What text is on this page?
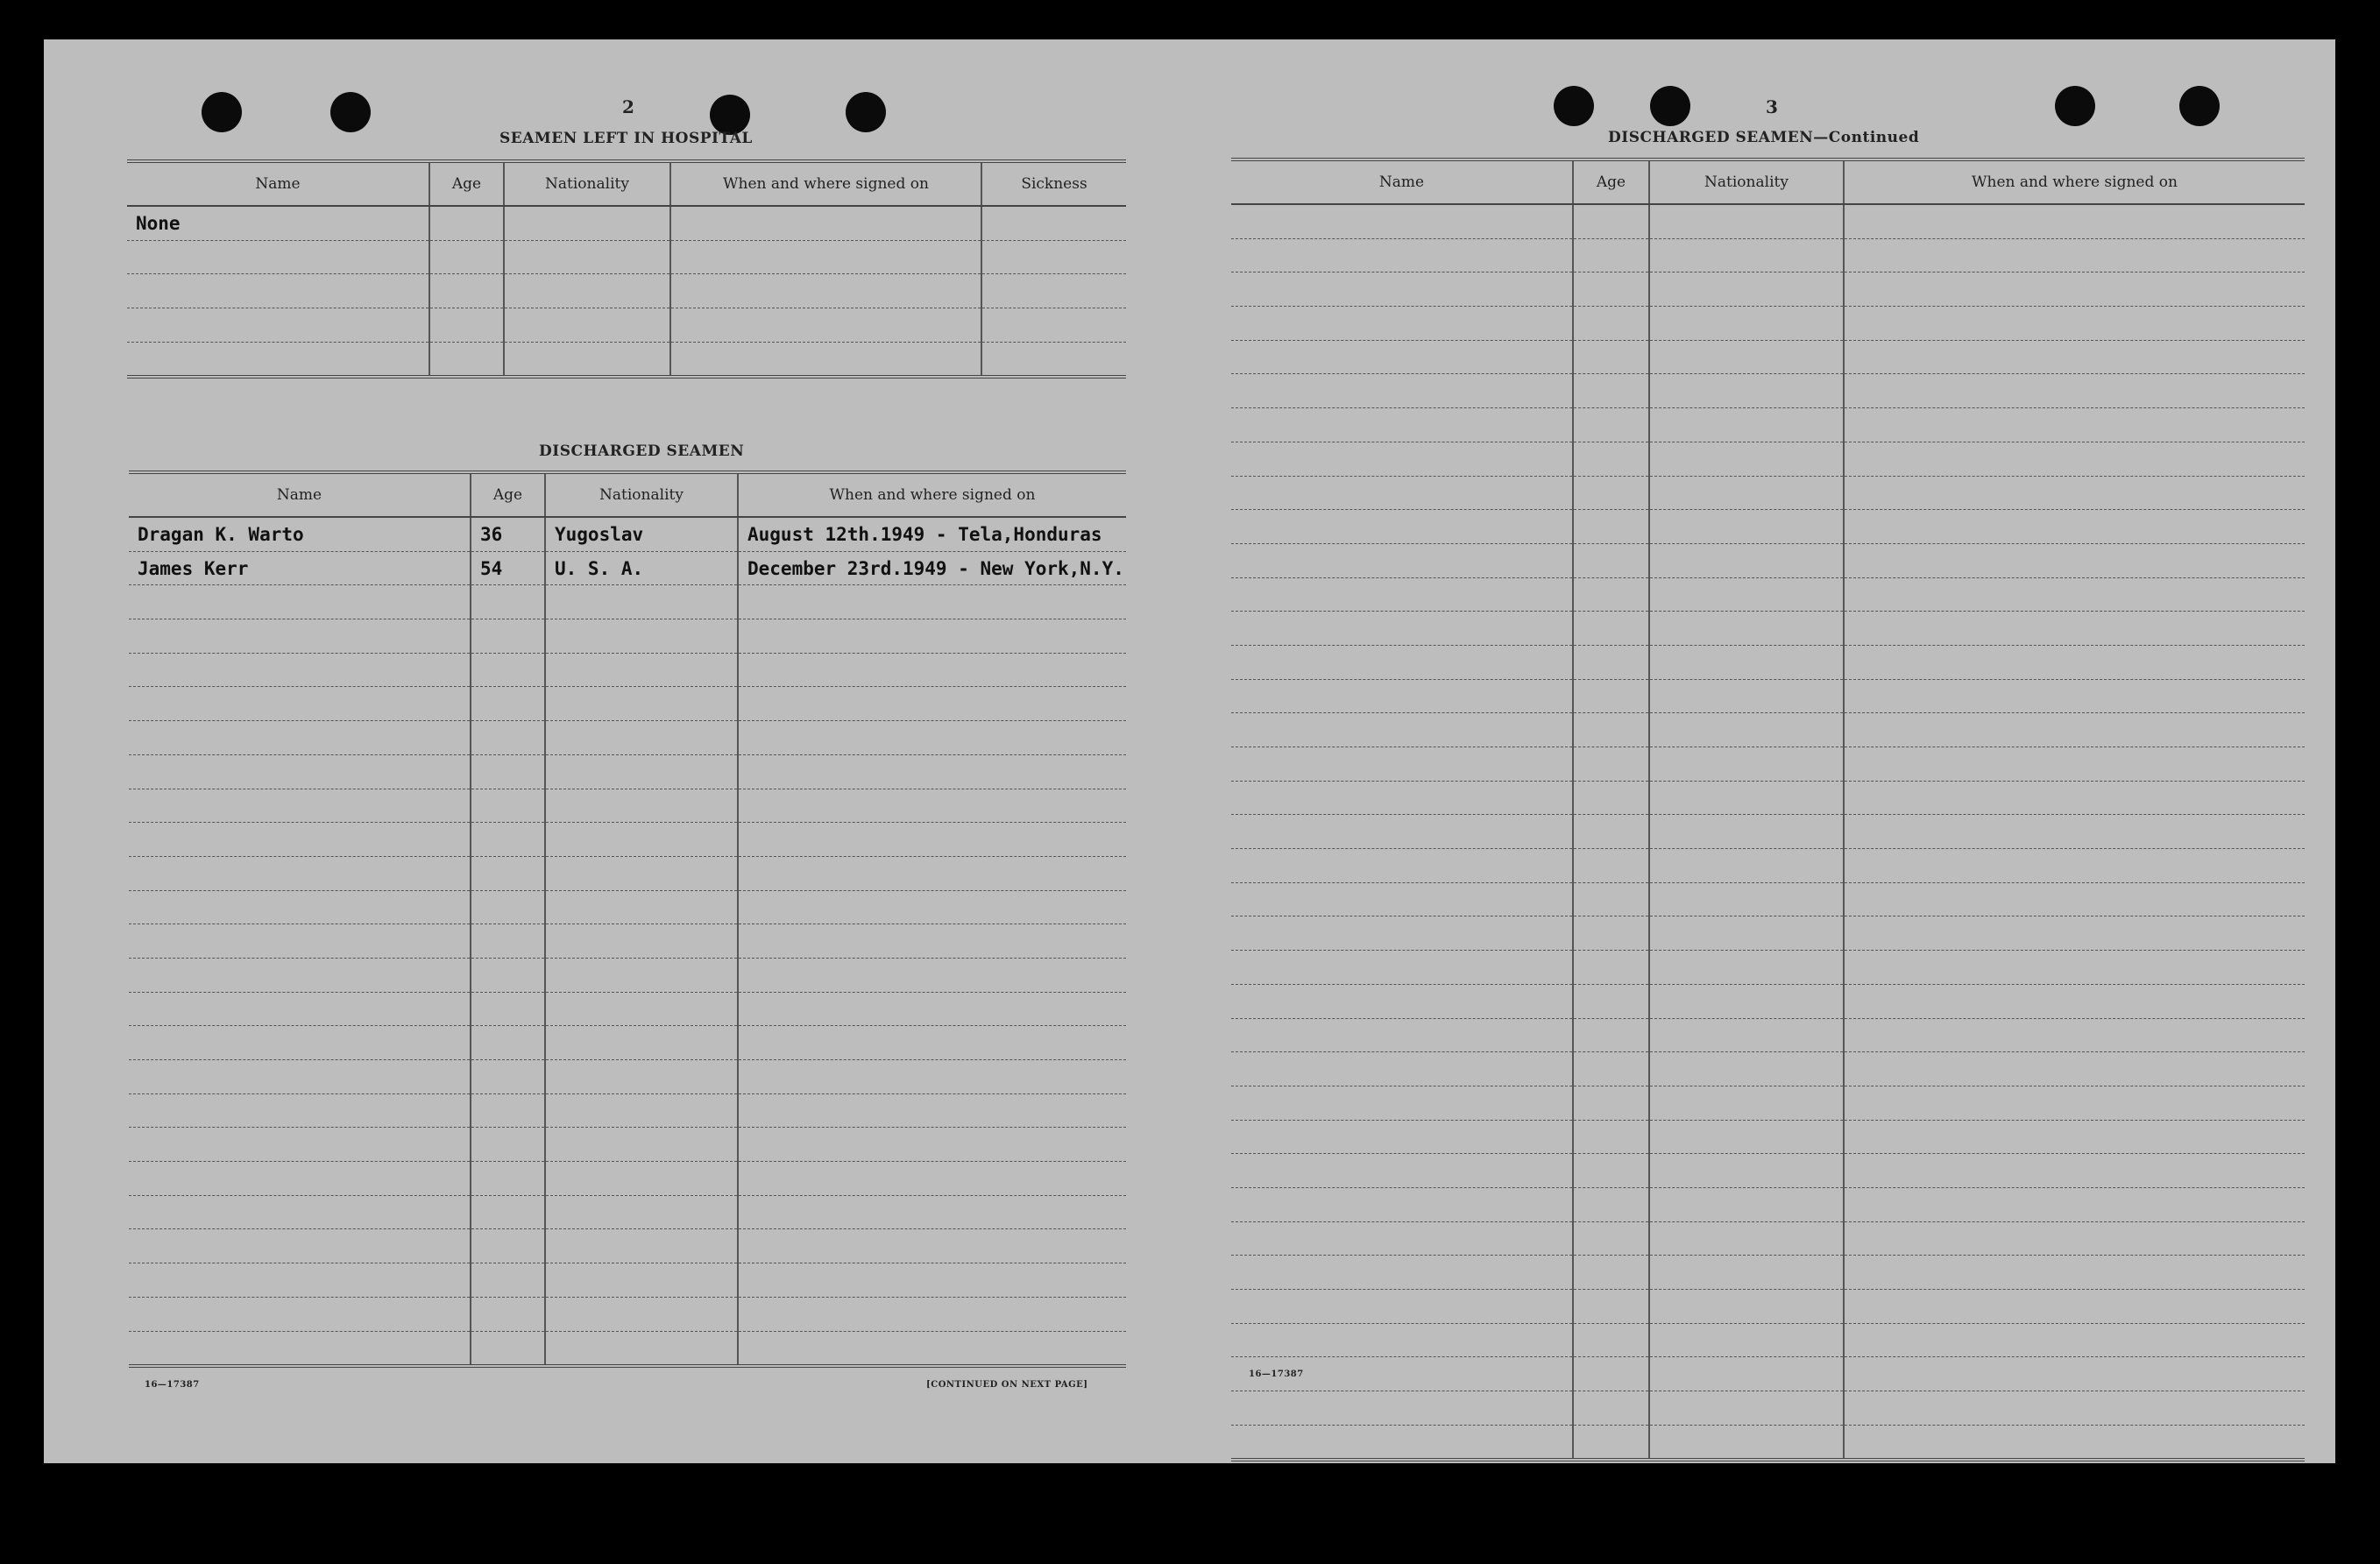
2
SEAMEN LEFT IN HOSPITAL
Name	Age	Nationality	When and where signed on	Sickness
None				

DISCHARGED SEAMEN
Name	Age	Nationality	When and where signed on
Dragan K. Warto	36	Yugoslav	August 12th.1949 - Tela,Honduras
James Kerr	54	U. S. A.	December 23rd.1949 - New York,N.Y.

16—17387	[CONTINUED ON NEXT PAGE]
3
DISCHARGED SEAMEN—Continued
Name	Age	Nationality	When and where signed on

16—17387
